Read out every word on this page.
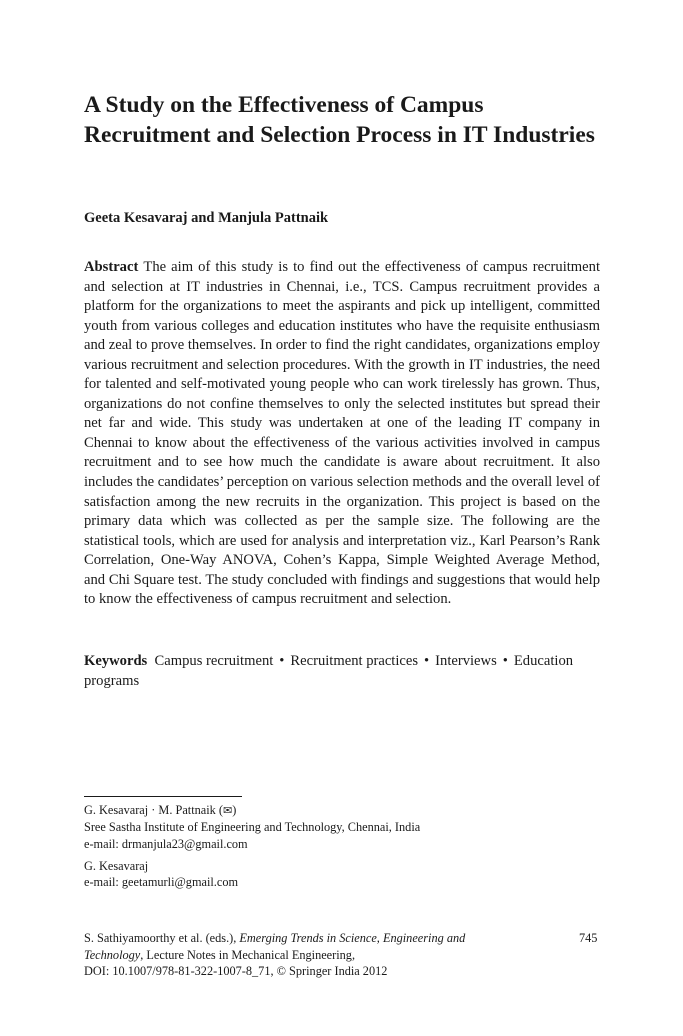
A Study on the Effectiveness of Campus Recruitment and Selection Process in IT Industries

Geeta Kesavaraj and Manjula Pattnaik

Abstract The aim of this study is to find out the effectiveness of campus recruitment and selection at IT industries in Chennai, i.e., TCS. Campus recruitment provides a platform for the organizations to meet the aspirants and pick up intelligent, committed youth from various colleges and education institutes who have the requisite enthusiasm and zeal to prove themselves. In order to find the right candidates, organizations employ various recruitment and selection procedures. With the growth in IT industries, the need for talented and self-motivated young people who can work tirelessly has grown. Thus, organizations do not confine themselves to only the selected institutes but spread their net far and wide. This study was undertaken at one of the leading IT company in Chennai to know about the effectiveness of the various activities involved in campus recruitment and to see how much the candidate is aware about recruitment. It also includes the candidates’ perception on various selection methods and the overall level of satisfaction among the new recruits in the organization. This project is based on the primary data which was collected as per the sample size. The following are the statistical tools, which are used for analysis and interpretation viz., Karl Pearson’s Rank Correlation, One-Way ANOVA, Cohen’s Kappa, Simple Weighted Average Method, and Chi Square test. The study concluded with findings and suggestions that would help to know the effectiveness of campus recruitment and selection.

Keywords Campus recruitment • Recruitment practices • Interviews • Education programs

G. Kesavaraj · M. Pattnaik (✉)
Sree Sastha Institute of Engineering and Technology, Chennai, India
e-mail: drmanjula23@gmail.com
G. Kesavaraj
e-mail: geetamurli@gmail.com

S. Sathiyamoorthy et al. (eds.), Emerging Trends in Science, Engineering and Technology, Lecture Notes in Mechanical Engineering,
DOI: 10.1007/978-81-322-1007-8_71, © Springer India 2012

745
